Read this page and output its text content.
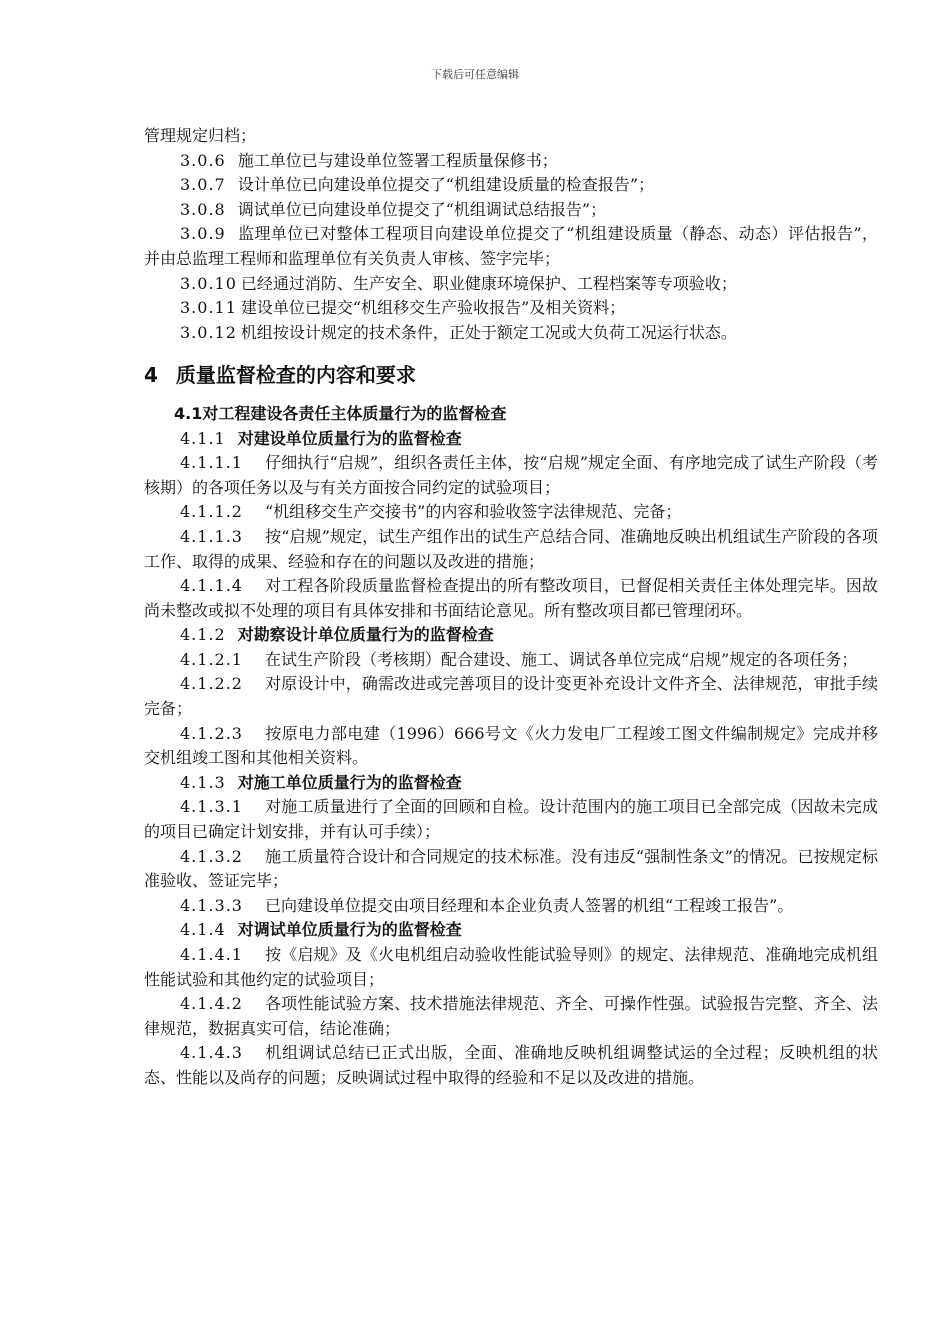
下载后可任意编辑

管理规定归档；

3.0.6 施工单位已与建设单位签署工程质量保修书；

3.0.7 设计单位已向建设单位提交了“机组建设质量的检查报告”；

3.0.8 调试单位已向建设单位提交了“机组调试总结报告”；

3.0.9 监理单位已对整体工程项目向建设单位提交了“机组建设质量（静态、动态）评估报告”，并由总监理工程师和监理单位有关负责人审核、签字完毕；

3.0.10 已经通过消防、生产安全、职业健康环境保护、工程档案等专项验收；

3.0.11 建设单位已提交“机组移交生产验收报告”及相关资料；

3.0.12 机组按设计规定的技术条件，正处于额定工况或大负荷工况运行状态。

4 质量监督检查的内容和要求

4.1对工程建设各责任主体质量行为的监督检查

4.1.1 对建设单位质量行为的监督检查

4.1.1.1 仔细执行“启规”，组织各责任主体，按“启规”规定全面、有序地完成了试生产阶段（考核期）的各项任务以及与有关方面按合同约定的试验项目；

4.1.1.2 “机组移交生产交接书”的内容和验收签字法律规范、完备；

4.1.1.3 按“启规”规定，试生产组作出的试生产总结合同、准确地反映出机组试生产阶段的各项工作、取得的成果、经验和存在的问题以及改进的措施；

4.1.1.4 对工程各阶段质量监督检查提出的所有整改项目，已督促相关责任主体处理完毕。因故尚未整改或拟不处理的项目有具体安排和书面结论意见。所有整改项目都已管理闭环。

4.1.2 对勘察设计单位质量行为的监督检查

4.1.2.1 在试生产阶段（考核期）配合建设、施工、调试各单位完成“启规”规定的各项任务；

4.1.2.2 对原设计中，确需改进或完善项目的设计变更补充设计文件齐全、法律规范，审批手续完备；

4.1.2.3 按原电力部电建（1996）666号文《火力发电厂工程竣工图文件编制规定》完成并移交机组竣工图和其他相关资料。

4.1.3 对施工单位质量行为的监督检查

4.1.3.1 对施工质量进行了全面的回顾和自检。设计范围内的施工项目已全部完成（因故未完成的项目已确定计划安排，并有认可手续）；

4.1.3.2 施工质量符合设计和合同规定的技术标准。没有违反“强制性条文”的情况。已按规定标准验收、签证完毕；

4.1.3.3 已向建设单位提交由项目经理和本企业负责人签署的机组“工程竣工报告”。

4.1.4 对调试单位质量行为的监督检查

4.1.4.1 按《启规》及《火电机组启动验收性能试验导则》的规定、法律规范、准确地完成机组性能试验和其他约定的试验项目；

4.1.4.2 各项性能试验方案、技术措施法律规范、齐全、可操作性强。试验报告完整、齐全、法律规范，数据真实可信，结论准确；

4.1.4.3 机组调试总结已正式出版，全面、准确地反映机组调整试运的全过程；反映机组的状态、性能以及尚存的问题；反映调试过程中取得的经验和不足以及改进的措施。
